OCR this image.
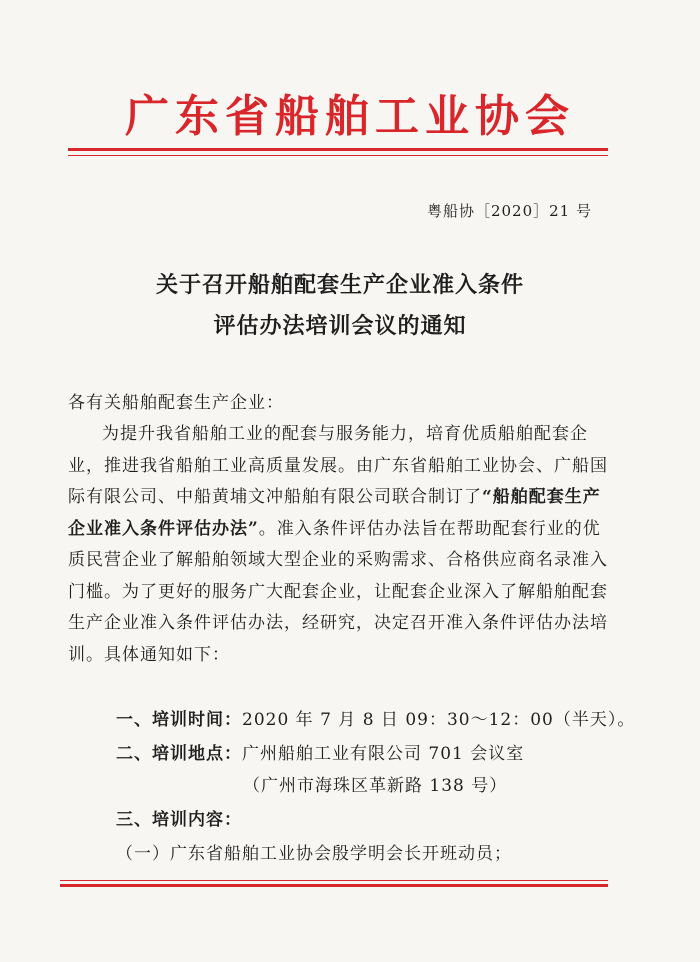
广东省船舶工业协会
粤船协［2020］21 号
关于召开船舶配套生产企业准入条件
评估办法培训会议的通知
各有关船舶配套生产企业：

为提升我省船舶工业的配套与服务能力，培育优质船舶配套企业，推进我省船舶工业高质量发展。由广东省船舶工业协会、广船国际有限公司、中船黄埔文冲船舶有限公司联合制订了“船舶配套生产企业准入条件评估办法”。准入条件评估办法旨在帮助配套行业的优质民营企业了解船舶领域大型企业的采购需求、合格供应商名录准入门槛。为了更好的服务广大配套企业，让配套企业深入了解船舶配套生产企业准入条件评估办法，经研究，决定召开准入条件评估办法培训。具体通知如下：

一、培训时间：2020 年 7 月 8 日 09：30～12：00（半天）。
二、培训地点：广州船舶工业有限公司 701 会议室
（广州市海珠区革新路 138 号）
三、培训内容：
（一）广东省船舶工业协会殷学明会长开班动员；
